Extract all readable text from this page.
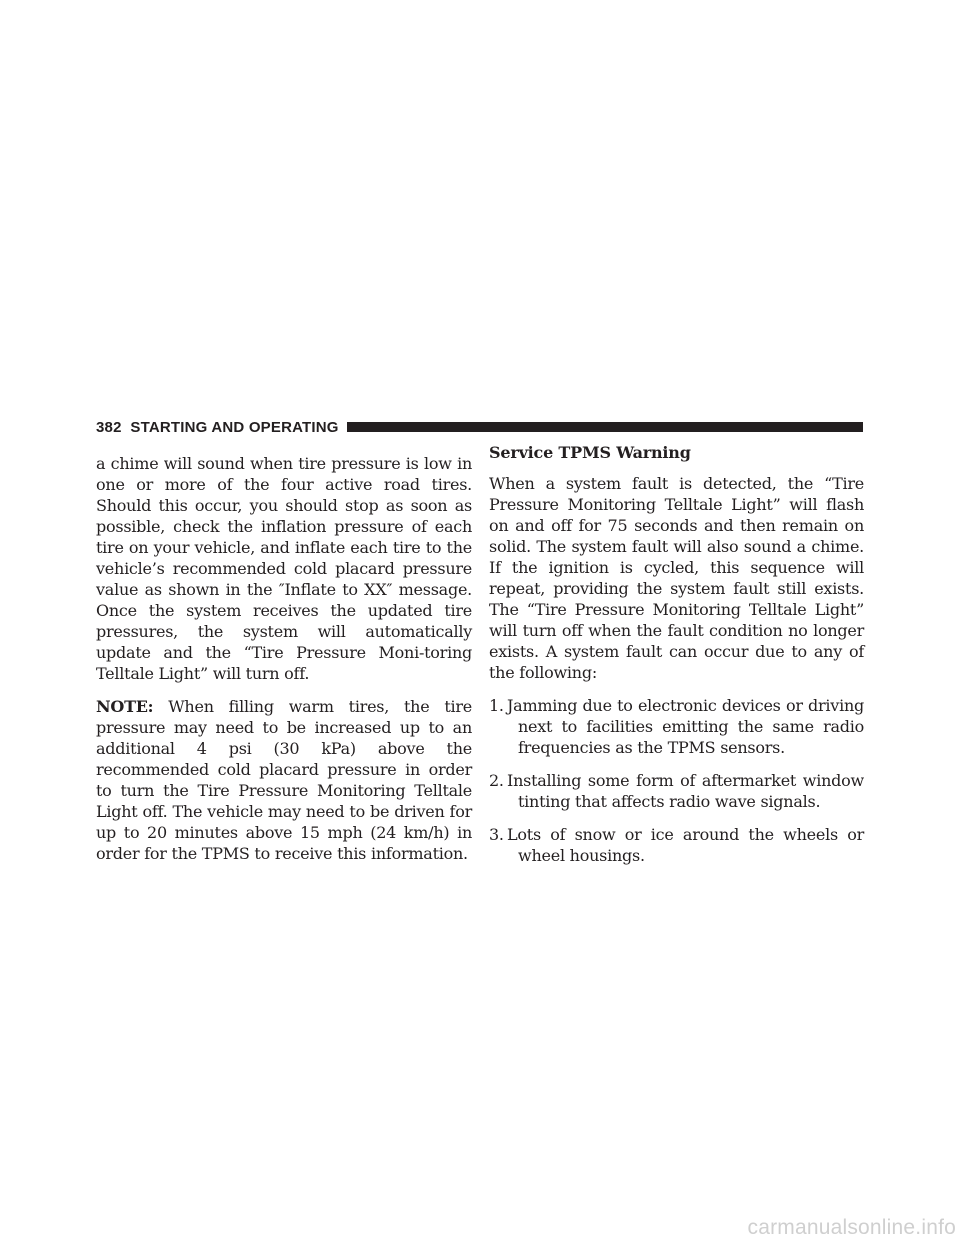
382 STARTING AND OPERATING

a chime will sound when tire pressure is low in one or more of the four active road tires. Should this occur, you should stop as soon as possible, check the inflation pressure of each tire on your vehicle, and inflate each tire to the vehicle’s recommended cold placard pressure value as shown in the ″Inflate to XX″ message. Once the system receives the updated tire pressures, the system will automatically update and the “Tire Pressure Moni-toring Telltale Light” will turn off.

NOTE: When filling warm tires, the tire pressure may need to be increased up to an additional 4 psi (30 kPa) above the recommended cold placard pressure in order to turn the Tire Pressure Monitoring Telltale Light off. The vehicle may need to be driven for up to 20 minutes above 15 mph (24 km/h) in order for the TPMS to receive this information.

Service TPMS Warning

When a system fault is detected, the “Tire Pressure Monitoring Telltale Light” will flash on and off for 75 seconds and then remain on solid. The system fault will also sound a chime. If the ignition is cycled, this sequence will repeat, providing the system fault still exists. The “Tire Pressure Monitoring Telltale Light” will turn off when the fault condition no longer exists. A system fault can occur due to any of the following:

1. Jamming due to electronic devices or driving next to facilities emitting the same radio frequencies as the TPMS sensors.
2. Installing some form of aftermarket window tinting that affects radio wave signals.
3. Lots of snow or ice around the wheels or wheel housings.
carmanualsonline.info
